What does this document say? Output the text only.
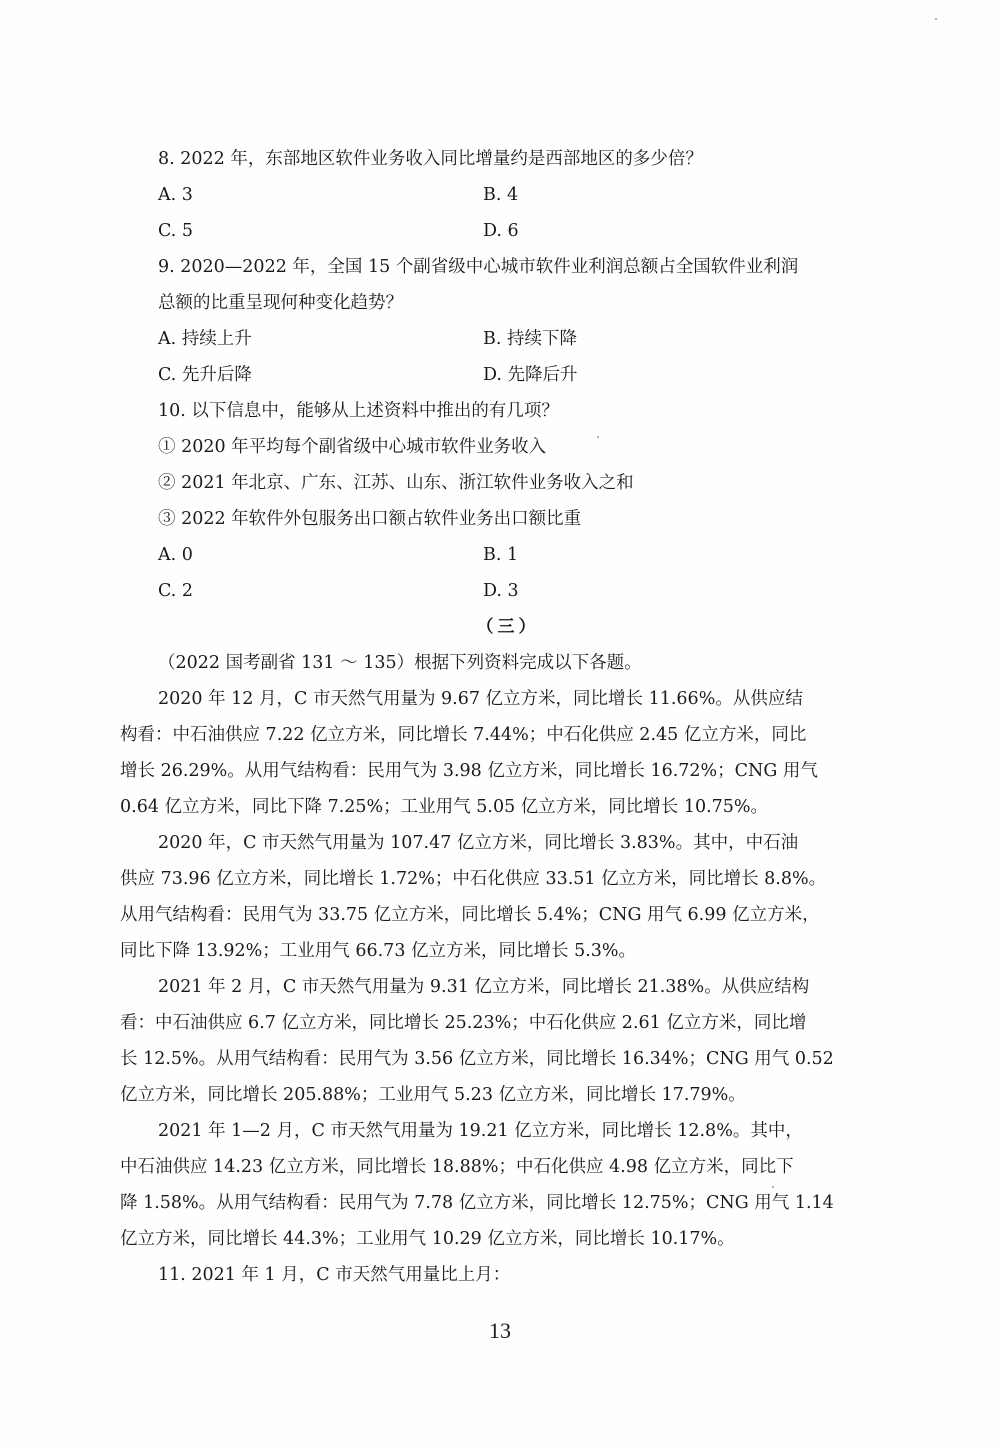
8. 2022 年，东部地区软件业务收入同比增量约是西部地区的多少倍？
A. 3	B. 4
C. 5	D. 6
9. 2020—2022 年，全国 15 个副省级中心城市软件业利润总额占全国软件业利润
总额的比重呈现何种变化趋势？
A. 持续上升	B. 持续下降
C. 先升后降	D. 先降后升
10. 以下信息中，能够从上述资料中推出的有几项？
① 2020 年平均每个副省级中心城市软件业务收入
② 2021 年北京、广东、江苏、山东、浙江软件业务收入之和
③ 2022 年软件外包服务出口额占软件业务出口额比重
A. 0	B. 1
C. 2	D. 3
（三）
（2022 国考副省 131 ～ 135）根据下列资料完成以下各题。
2020 年 12 月，C 市天然气用量为 9.67 亿立方米，同比增长 11.66%。从供应结
构看：中石油供应 7.22 亿立方米，同比增长 7.44%；中石化供应 2.45 亿立方米，同比
增长 26.29%。从用气结构看：民用气为 3.98 亿立方米，同比增长 16.72%；CNG 用气
0.64 亿立方米，同比下降 7.25%；工业用气 5.05 亿立方米，同比增长 10.75%。
2020 年，C 市天然气用量为 107.47 亿立方米，同比增长 3.83%。其中，中石油
供应 73.96 亿立方米，同比增长 1.72%；中石化供应 33.51 亿立方米，同比增长 8.8%。
从用气结构看：民用气为 33.75 亿立方米，同比增长 5.4%；CNG 用气 6.99 亿立方米，
同比下降 13.92%；工业用气 66.73 亿立方米，同比增长 5.3%。
2021 年 2 月，C 市天然气用量为 9.31 亿立方米，同比增长 21.38%。从供应结构
看：中石油供应 6.7 亿立方米，同比增长 25.23%；中石化供应 2.61 亿立方米，同比增
长 12.5%。从用气结构看：民用气为 3.56 亿立方米，同比增长 16.34%；CNG 用气 0.52
亿立方米，同比增长 205.88%；工业用气 5.23 亿立方米，同比增长 17.79%。
2021 年 1—2 月，C 市天然气用量为 19.21 亿立方米，同比增长 12.8%。其中，
中石油供应 14.23 亿立方米，同比增长 18.88%；中石化供应 4.98 亿立方米，同比下
降 1.58%。从用气结构看：民用气为 7.78 亿立方米，同比增长 12.75%；CNG 用气 1.14
亿立方米，同比增长 44.3%；工业用气 10.29 亿立方米，同比增长 10.17%。
11. 2021 年 1 月，C 市天然气用量比上月：
13
